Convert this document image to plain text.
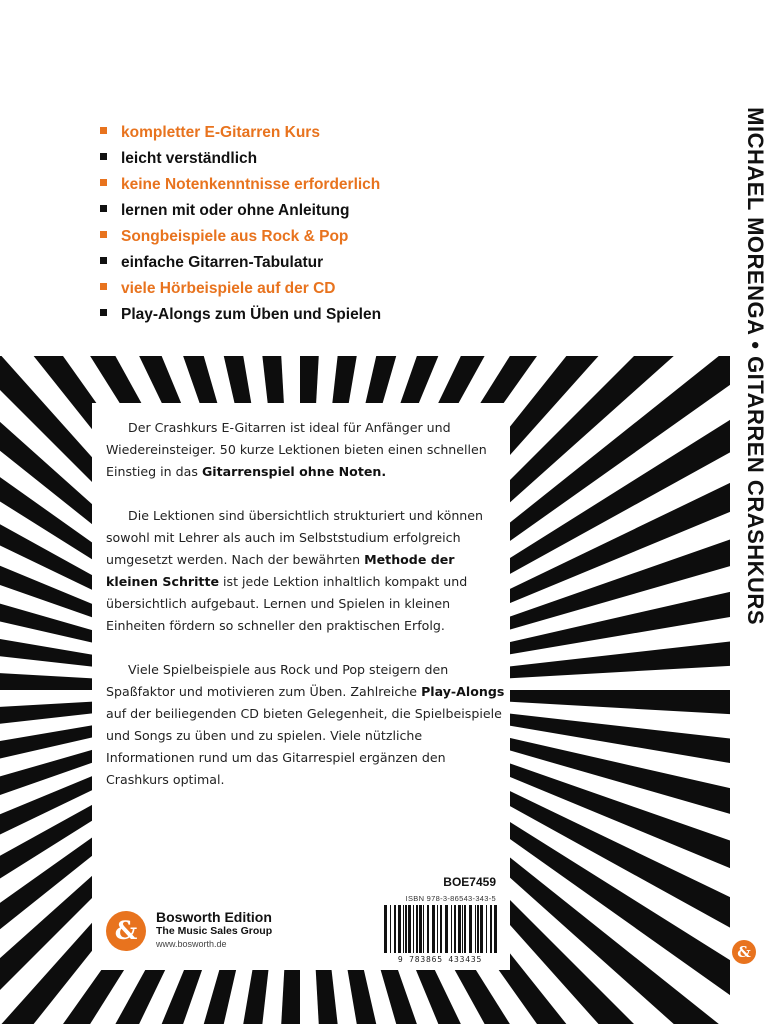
kompletter E-Gitarren Kurs
leicht verständlich
keine Notenkenntnisse erforderlich
lernen mit oder ohne Anleitung
Songbeispiele aus Rock & Pop
einfache Gitarren-Tabulatur
viele Hörbeispiele auf der CD
Play-Alongs zum Üben und Spielen	MICHAEL MORENGA • GITARREN CRASHKURS

Der Crashkurs E-Gitarren ist ideal für Anfänger und Wiedereinsteiger. 50 kurze Lektionen bieten einen schnellen Einstieg in das Gitarrenspiel ohne Noten.

Die Lektionen sind übersichtlich strukturiert und können sowohl mit Lehrer als auch im Selbststudium erfolgreich umgesetzt werden. Nach der bewährten Methode der kleinen Schritte ist jede Lektion inhaltlich kompakt und übersichtlich aufgebaut. Lernen und Spielen in kleinen Einheiten fördern so schneller den praktischen Erfolg.

Viele Spielbeispiele aus Rock und Pop steigern den Spaßfaktor und motivieren zum Üben. Zahlreiche Play-Alongs auf der beiliegenden CD bieten Gelegenheit, die Spielbeispiele und Songs zu üben und zu spielen. Viele nützliche Informationen rund um das Gitarrespiel ergänzen den Crashkurs optimal.

&	Bosworth Edition
The Music Sales Group
www.bosworth.de
BOE7459
ISBN 978-3-86543-343-5
9 783865 433435	&
